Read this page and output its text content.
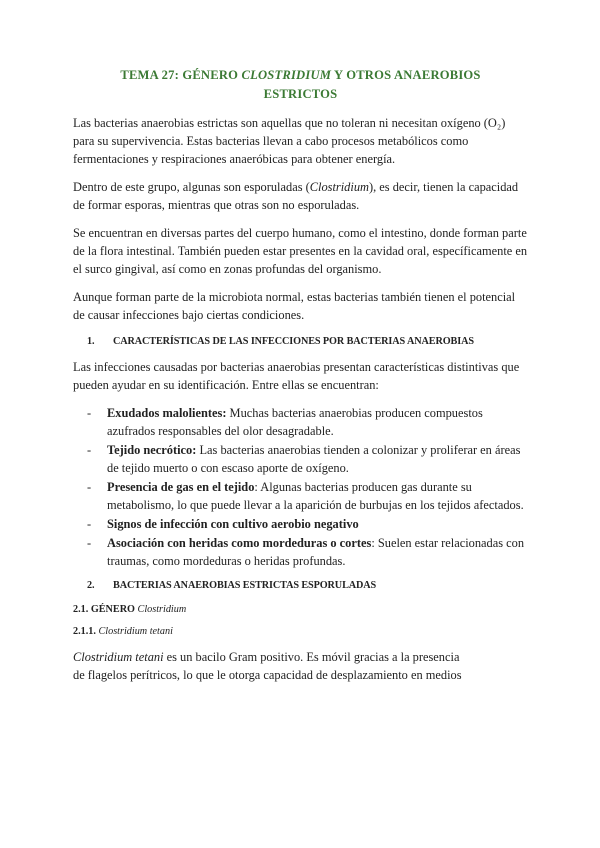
TEMA 27: GÉNERO CLOSTRIDIUM Y OTROS ANAEROBIOS
ESTRICTOS

Las bacterias anaerobias estrictas son aquellas que no toleran ni necesitan oxígeno (O₂) para su supervivencia. Estas bacterias llevan a cabo procesos metabólicos como fermentaciones y respiraciones anaeróbicas para obtener energía.

Dentro de este grupo, algunas son esporuladas (Clostridium), es decir, tienen la capacidad de formar esporas, mientras que otras son no esporuladas.

Se encuentran en diversas partes del cuerpo humano, como el intestino, donde forman parte de la flora intestinal. También pueden estar presentes en la cavidad oral, específicamente en el surco gingival, así como en zonas profundas del organismo.

Aunque forman parte de la microbiota normal, estas bacterias también tienen el potencial de causar infecciones bajo ciertas condiciones.

1. CARACTERÍSTICAS DE LAS INFECCIONES POR BACTERIAS ANAEROBIAS

Las infecciones causadas por bacterias anaerobias presentan características distintivas que pueden ayudar en su identificación. Entre ellas se encuentran:

- Exudados malolientes: Muchas bacterias anaerobias producen compuestos azufrados responsables del olor desagradable.
- Tejido necrótico: Las bacterias anaerobias tienden a colonizar y proliferar en áreas de tejido muerto o con escaso aporte de oxígeno.
- Presencia de gas en el tejido: Algunas bacterias producen gas durante su metabolismo, lo que puede llevar a la aparición de burbujas en los tejidos afectados.
- Signos de infección con cultivo aerobio negativo
- Asociación con heridas como mordeduras o cortes: Suelen estar relacionadas con traumas, como mordeduras o heridas profundas.
2. BACTERIAS ANAEROBIAS ESTRICTAS ESPORULADAS
2.1. GÉNERO Clostridium
2.1.1. Clostridium tetani

Clostridium tetani es un bacilo Gram positivo. Es móvil gracias a la presencia
de flagelos perítricos, lo que le otorga capacidad de desplazamiento en medios
